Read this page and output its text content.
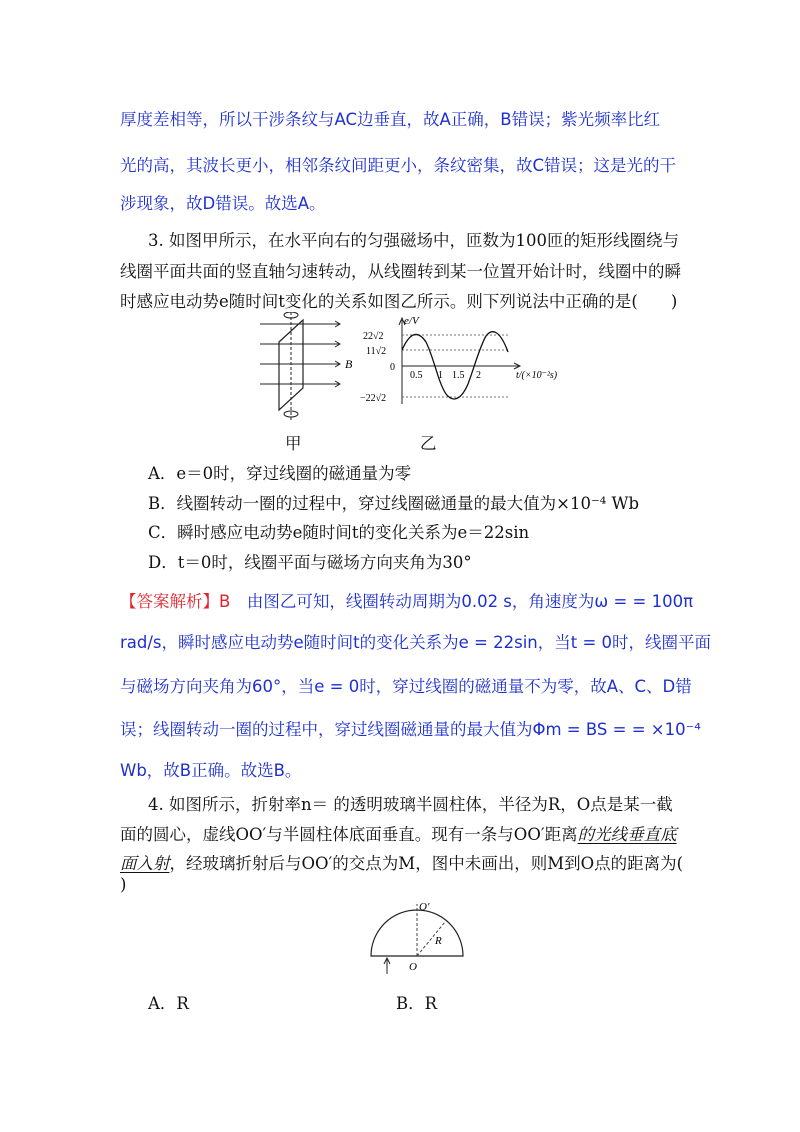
厚度差相等，所以干涉条纹与AC边垂直，故A正确，B错误；紫光频率比红
光的高，其波长更小，相邻条纹间距更小，条纹密集，故C错误；这是光的干
涉现象，故D错误。故选A。
3. 如图甲所示，在水平向右的匀强磁场中，匝数为100匝的矩形线圈绕与
线圈平面共面的竖直轴匀速转动，从线圈转到某一位置开始计时，线圈中的瞬
时感应电动势e随时间t变化的关系如图乙所示。则下列说法中正确的是(　　)
B
e/V
22√2
11√2
0
−22√2
0.5 1 1.5 2	t/(×10⁻²s)
甲	乙
A．e＝0时，穿过线圈的磁通量为零
B．线圈转动一圈的过程中，穿过线圈磁通量的最大值为×10⁻⁴ Wb
C．瞬时感应电动势e随时间t的变化关系为e＝22sin
D．t＝0时，线圈平面与磁场方向夹角为30°
【答案解析】B　 由图乙可知，线圈转动周期为0.02 s，角速度为ω = = 100π
rad/s，瞬时感应电动势e随时间t的变化关系为e = 22sin，当t = 0时，线圈平面
与磁场方向夹角为60°，当e = 0时，穿过线圈的磁通量不为零，故A、C、D错
误；线圈转动一圈的过程中，穿过线圈磁通量的最大值为Φm = BS = = ×10⁻⁴
Wb，故B正确。故选B。
4. 如图所示，折射率n＝ 的透明玻璃半圆柱体，半径为R，O点是某一截
面的圆心，虚线OO′与半圆柱体底面垂直。现有一条与OO′距离的光线垂直底
面入射，经玻璃折射后与OO′的交点为M，图中未画出，则M到O点的距离为(
)
O′
O
R
A．R	B．R
